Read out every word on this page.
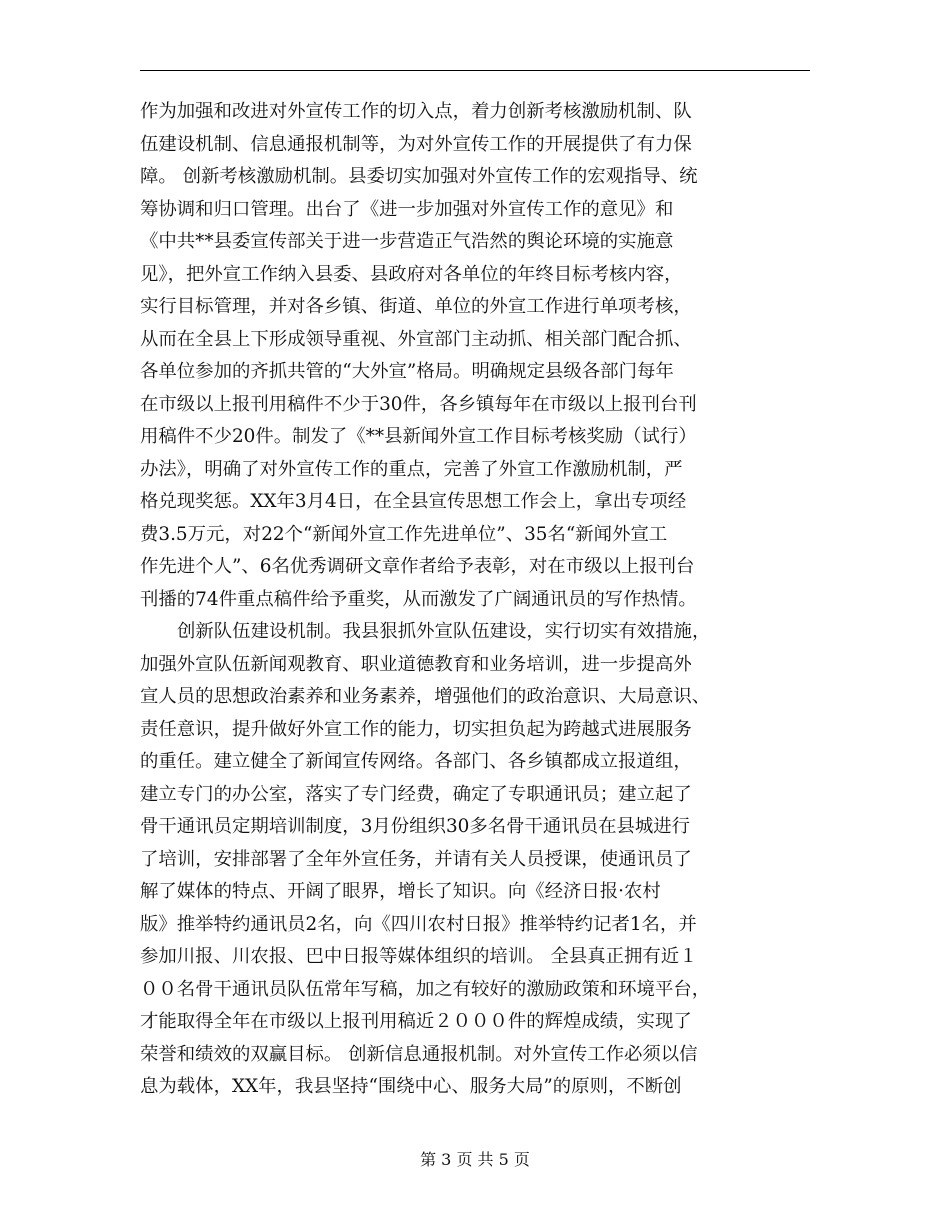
作为加强和改进对外宣传工作的切入点，着力创新考核激励机制、队
伍建设机制、信息通报机制等，为对外宣传工作的开展提供了有力保
障。 创新考核激励机制。县委切实加强对外宣传工作的宏观指导、统
筹协调和归口管理。出台了《进一步加强对外宣传工作的意见》和
《中共**县委宣传部关于进一步营造正气浩然的舆论环境的实施意
见》，把外宣工作纳入县委、县政府对各单位的年终目标考核内容，
实行目标管理，并对各乡镇、街道、单位的外宣工作进行单项考核，
从而在全县上下形成领导重视、外宣部门主动抓、相关部门配合抓、
各单位参加的齐抓共管的“大外宣”格局。明确规定县级各部门每年
在市级以上报刊用稿件不少于30件，各乡镇每年在市级以上报刊台刊
用稿件不少20件。制发了《**县新闻外宣工作目标考核奖励（试行）
办法》，明确了对外宣传工作的重点，完善了外宣工作激励机制，严
格兑现奖惩。XX年3月4日，在全县宣传思想工作会上，拿出专项经
费3.5万元，对22个“新闻外宣工作先进单位”、35名“新闻外宣工
作先进个人”、6名优秀调研文章作者给予表彰，对在市级以上报刊台
刊播的74件重点稿件给予重奖，从而激发了广阔通讯员的写作热情。
创新队伍建设机制。我县狠抓外宣队伍建设，实行切实有效措施，
加强外宣队伍新闻观教育、职业道德教育和业务培训，进一步提高外
宣人员的思想政治素养和业务素养，增强他们的政治意识、大局意识、
责任意识，提升做好外宣工作的能力，切实担负起为跨越式进展服务
的重任。建立健全了新闻宣传网络。各部门、各乡镇都成立报道组，
建立专门的办公室，落实了专门经费，确定了专职通讯员；建立起了
骨干通讯员定期培训制度，3月份组织30多名骨干通讯员在县城进行
了培训，安排部署了全年外宣任务，并请有关人员授课，使通讯员了
解了媒体的特点、开阔了眼界，增长了知识。向《经济日报·农村
版》推举特约通讯员2名，向《四川农村日报》推举特约记者1名，并
参加川报、川农报、巴中日报等媒体组织的培训。 全县真正拥有近１
００名骨干通讯员队伍常年写稿，加之有较好的激励政策和环境平台，
才能取得全年在市级以上报刊用稿近２０００件的辉煌成绩，实现了
荣誉和绩效的双赢目标。 创新信息通报机制。对外宣传工作必须以信
息为载体，XX年，我县坚持“围绕中心、服务大局”的原则，不断创
第 3 页 共 5 页
